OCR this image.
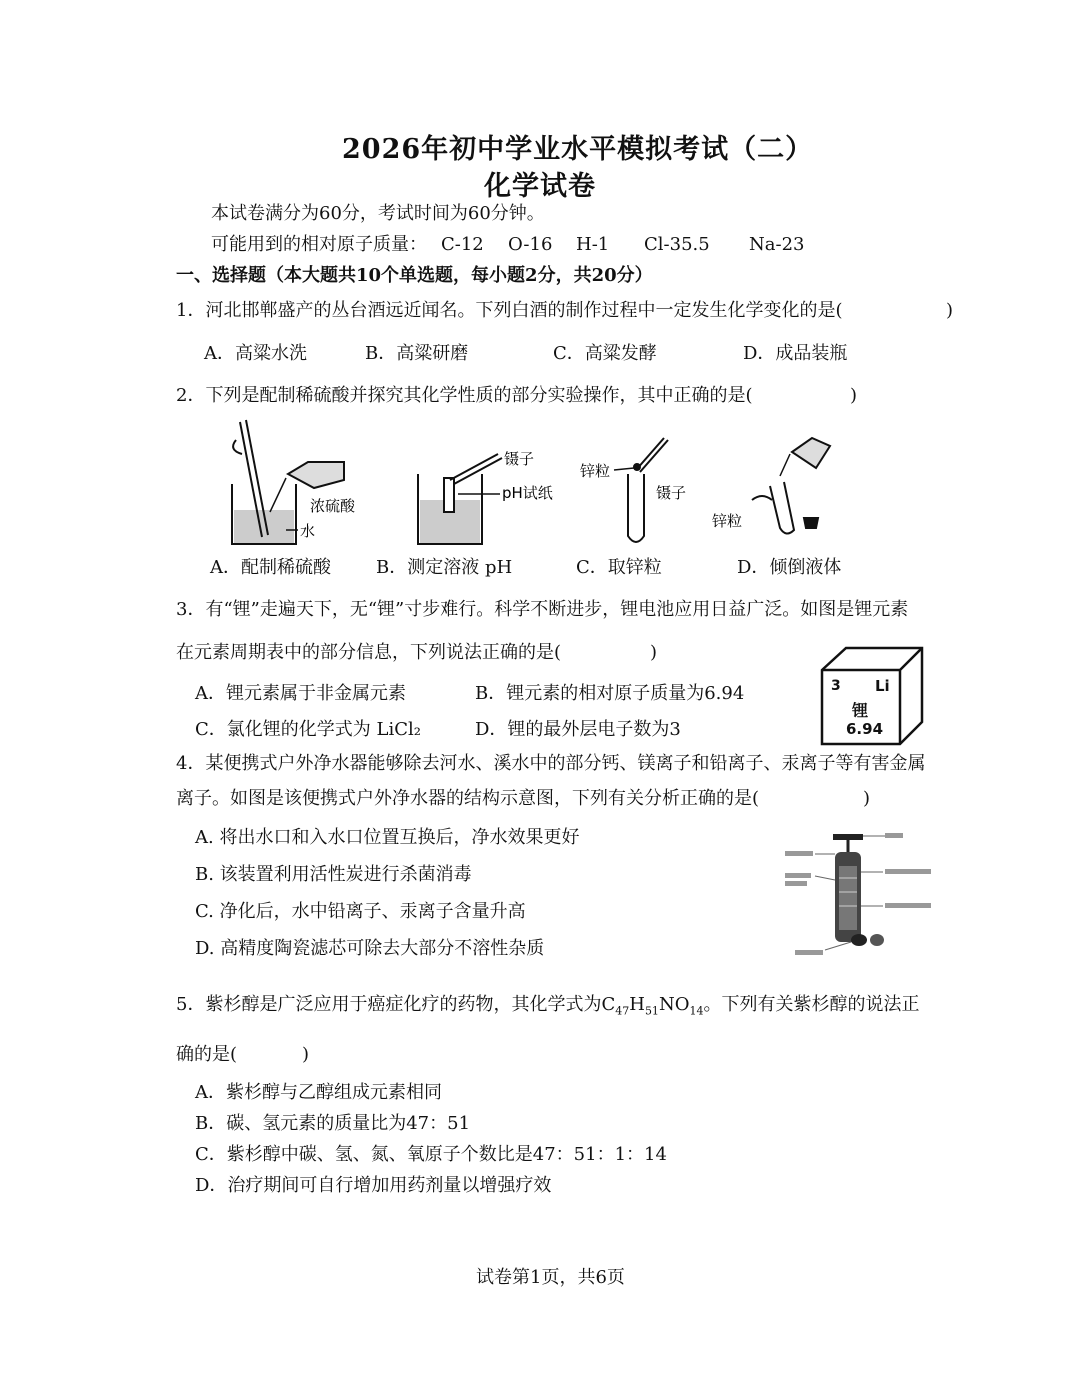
2026年初中学业水平模拟考试（二）
化学试卷
本试卷满分为60分，考试时间为60分钟。
可能用到的相对原子质量： C-12 O-16 H-1 Cl-35.5 Na-23
一、选择题（本大题共10个单选题，每小题2分，共20分）
1．河北邯郸盛产的丛台酒远近闻名。下列白酒的制作过程中一定发生化学变化的是(	)
A．高粱水洗	B．高粱研磨	C．高粱发酵	D．成品装瓶
2．下列是配制稀硫酸并探究其化学性质的部分实验操作，其中正确的是(	)
浓硫酸
水
镊子
pH试纸
锌粒
镊子
锌粒
A．配制稀硫酸	B．测定溶液 pH	C．取锌粒	D．倾倒液体
3．有“锂”走遍天下，无“锂”寸步难行。科学不断进步，锂电池应用日益广泛。如图是锂元素
在元素周期表中的部分信息，下列说法正确的是(	)
A．锂元素属于非金属元素	B．锂元素的相对原子质量为6.94
C．氯化锂的化学式为 LiCl₂	D．锂的最外层电子数为3
3 Li
锂
6.94
4．某便携式户外净水器能够除去河水、溪水中的部分钙、镁离子和铅离子、汞离子等有害金属
离子。如图是该便携式户外净水器的结构示意图，下列有关分析正确的是(	)
A. 将出水口和入水口位置互换后，净水效果更好
B. 该装置利用活性炭进行杀菌消毒
C. 净化后，水中铅离子、汞离子含量升高
D. 高精度陶瓷滤芯可除去大部分不溶性杂质
5．紫杉醇是广泛应用于癌症化疗的药物，其化学式为$C_{47}H_{51}NO_{14}$。下列有关紫杉醇的说法正
确的是(	)
A．紫杉醇与乙醇组成元素相同
B．碳、氢元素的质量比为47：51
C．紫杉醇中碳、氢、氮、氧原子个数比是47：51：1：14
D．治疗期间可自行增加用药剂量以增强疗效
试卷第1页，共6页
